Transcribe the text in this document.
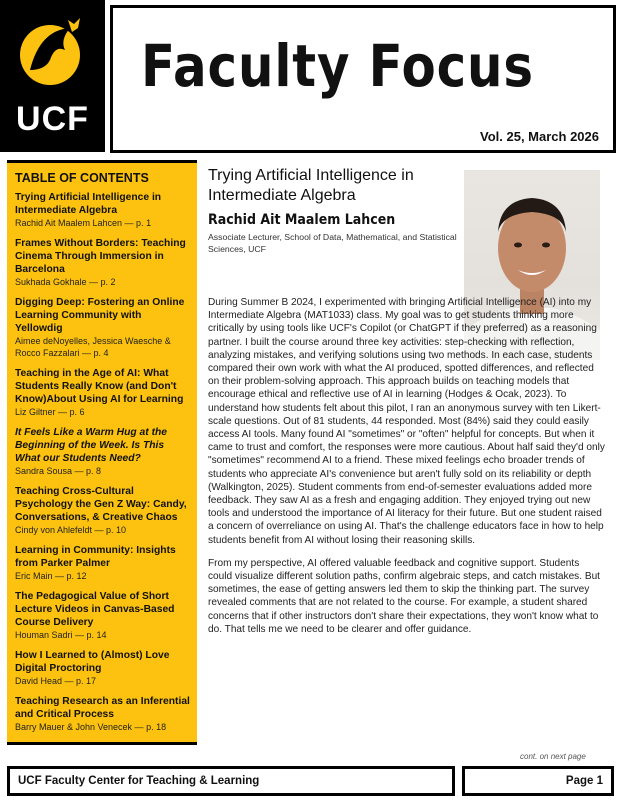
UCF
Faculty Focus
Vol. 25, March 2026
TABLE OF CONTENTS
Trying Artificial Intelligence in Intermediate Algebra
Rachid Ait Maalem Lahcen — p. 1
Frames Without Borders: Teaching Cinema Through Immersion in Barcelona
Sukhada Gokhale — p. 2
Digging Deep: Fostering an Online Learning Community with Yellowdig
Aimee deNoyelles, Jessica Waesche & Rocco Fazzalari — p. 4
Teaching in the Age of AI: What Students Really Know (and Don't Know)About Using AI for Learning
Liz Giltner — p. 6
It Feels Like a Warm Hug at the Beginning of the Week. Is This What our Students Need?
Sandra Sousa — p. 8
Teaching Cross-Cultural Psychology the Gen Z Way: Candy, Conversations, & Creative Chaos
Cindy von Ahlefeldt — p. 10
Learning in Community: Insights from Parker Palmer
Eric Main — p. 12
The Pedagogical Value of Short Lecture Videos in Canvas-Based Course Delivery
Houman Sadri — p. 14
How I Learned to (Almost) Love Digital Proctoring
David Head — p. 17
Teaching Research as an Inferential and Critical Process
Barry Mauer & John Venecek — p. 18
Trying Artificial Intelligence in Intermediate Algebra
Rachid Ait Maalem Lahcen
Associate Lecturer, School of Data, Mathematical, and Statistical Sciences, UCF

During Summer B 2024, I experimented with bringing Artificial Intelligence (AI) into my Intermediate Algebra (MAT1033) class. My goal was to get students thinking more critically by using tools like UCF's Copilot (or ChatGPT if they preferred) as a reasoning partner. I built the course around three key activities: step-checking with reflection, analyzing mistakes, and verifying solutions using two methods. In each case, students compared their own work with what the AI produced, spotted differences, and reflected on their problem-solving approach. This approach builds on teaching models that encourage ethical and reflective use of AI in learning (Hodges & Ocak, 2023). To understand how students felt about this pilot, I ran an anonymous survey with ten Likert-scale questions. Out of 81 students, 44 responded. Most (84%) said they could easily access AI tools. Many found AI "sometimes" or "often" helpful for concepts. But when it came to trust and comfort, the responses were more cautious. About half said they'd only "sometimes" recommend AI to a friend. These mixed feelings echo broader trends of students who appreciate AI's convenience but aren't fully sold on its reliability or depth (Walkington, 2025). Student comments from end-of-semester evaluations added more feedback. They saw AI as a fresh and engaging addition. They enjoyed trying out new tools and understood the importance of AI literacy for their future. But one student raised a concern of overreliance on using AI. That's the challenge educators face in how to help students benefit from AI without losing their reasoning skills.

From my perspective, AI offered valuable feedback and cognitive support. Students could visualize different solution paths, confirm algebraic steps, and catch mistakes. But sometimes, the ease of getting answers led them to skip the thinking part. The survey revealed comments that are not related to the course. For example, a student shared concerns that if other instructors don't share their expectations, they won't know what to do. That tells me we need to be clearer and offer guidance.

cont. on next page
UCF Faculty Center for Teaching & Learning	Page 1
